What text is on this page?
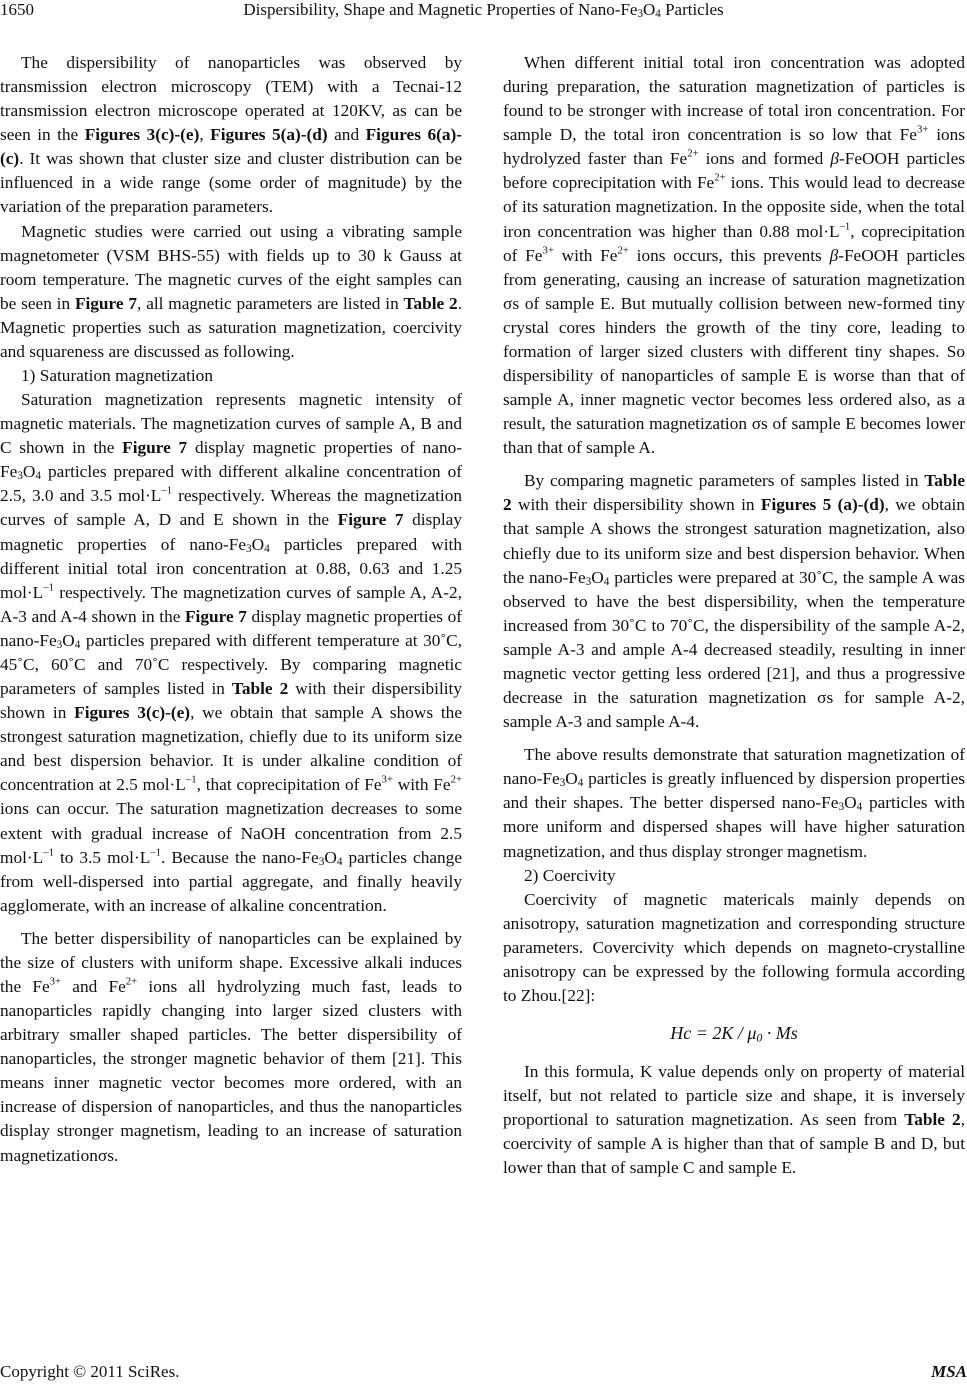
1650	Dispersibility, Shape and Magnetic Properties of Nano-$Fe_3O_4$ Particles

The dispersibility of nanoparticles was observed by transmission electron microscopy (TEM) with a Tecnai-12 transmission electron microscope operated at 120KV, as can be seen in the Figures 3(c)-(e), Figures 5(a)-(d) and Figures 6(a)-(c). It was shown that cluster size and cluster distribution can be influenced in a wide range (some order of magnitude) by the variation of the preparation parameters.

Magnetic studies were carried out using a vibrating sample magnetometer (VSM BHS-55) with fields up to 30 k Gauss at room temperature. The magnetic curves of the eight samples can be seen in Figure 7, all magnetic parameters are listed in Table 2. Magnetic properties such as saturation magnetization, coercivity and squareness are discussed as following.

1) Saturation magnetization

Saturation magnetization represents magnetic intensity of magnetic materials. The magnetization curves of sample A, B and C shown in the Figure 7 display magnetic properties of nano-$Fe_3O_4$ particles prepared with different alkaline concentration of 2.5, 3.0 and 3.5 $mol\cdot L^{-1}$ respectively. Whereas the magnetization curves of sample A, D and E shown in the Figure 7 display magnetic properties of nano-$Fe_3O_4$ particles prepared with different initial total iron concentration at 0.88, 0.63 and 1.25 $mol\cdot L^{-1}$ respectively. The magnetization curves of sample A, A-2, A-3 and A-4 shown in the Figure 7 display magnetic properties of nano-$Fe_3O_4$ particles prepared with different temperature at 30˚C, 45˚C, 60˚C and 70˚C respectively. By comparing magnetic parameters of samples listed in Table 2 with their dispersibility shown in Figures 3(c)-(e), we obtain that sample A shows the strongest saturation magnetization, chiefly due to its uniform size and best dispersion behavior. It is under alkaline condition of concentration at 2.5 $mol\cdot L^{-1}$, that coprecipitation of $Fe^{3+}$ with $Fe^{2+}$ ions can occur. The saturation magnetization decreases to some extent with gradual increase of NaOH concentration from 2.5 $mol\cdot L^{-1}$ to 3.5 $mol\cdot L^{-1}$. Because the nano-$Fe_3O_4$ particles change from well-dispersed into partial aggregate, and finally heavily agglomerate, with an increase of alkaline concentration.

The better dispersibility of nanoparticles can be explained by the size of clusters with uniform shape. Excessive alkali induces the $Fe^{3+}$ and $Fe^{2+}$ ions all hydrolyzing much fast, leads to nanoparticles rapidly changing into larger sized clusters with arbitrary smaller shaped particles. The better dispersibility of nanoparticles, the stronger magnetic behavior of them [21]. This means inner magnetic vector becomes more ordered, with an increase of dispersion of nanoparticles, and thus the nanoparticles display stronger magnetism, leading to an increase of saturation magnetizationσs.

When different initial total iron concentration was adopted during preparation, the saturation magnetization of particles is found to be stronger with increase of total iron concentration. For sample D, the total iron concentration is so low that $Fe^{3+}$ ions hydrolyzed faster than $Fe^{2+}$ ions and formed β-FeOOH particles before coprecipitation with $Fe^{2+}$ ions. This would lead to decrease of its saturation magnetization. In the opposite side, when the total iron concentration was higher than 0.88 $mol\cdot L^{-1}$, coprecipitation of $Fe^{3+}$ with $Fe^{2+}$ ions occurs, this prevents β-FeOOH particles from generating, causing an increase of saturation magnetization σs of sample E. But mutually collision between new-formed tiny crystal cores hinders the growth of the tiny core, leading to formation of larger sized clusters with different tiny shapes. So dispersibility of nanoparticles of sample E is worse than that of sample A, inner magnetic vector becomes less ordered also, as a result, the saturation magnetization σs of sample E becomes lower than that of sample A.

By comparing magnetic parameters of samples listed in Table 2 with their dispersibility shown in Figures 5 (a)-(d), we obtain that sample A shows the strongest saturation magnetization, also chiefly due to its uniform size and best dispersion behavior. When the nano-$Fe_3O_4$ particles were prepared at 30˚C, the sample A was observed to have the best dispersibility, when the temperature increased from 30˚C to 70˚C, the dispersibility of the sample A-2, sample A-3 and ample A-4 decreased steadily, resulting in inner magnetic vector getting less ordered [21], and thus a progressive decrease in the saturation magnetization σs for sample A-2, sample A-3 and sample A-4.

The above results demonstrate that saturation magnetization of nano-$Fe_3O_4$ particles is greatly influenced by dispersion properties and their shapes. The better dispersed nano-$Fe_3O_4$ particles with more uniform and dispersed shapes will have higher saturation magnetization, and thus display stronger magnetism.

2) Coercivity

Coercivity of magnetic matericals mainly depends on anisotropy, saturation magnetization and corresponding structure parameters. Covercivity which depends on magneto-crystalline anisotropy can be expressed by the following formula according to Zhou.[22]:

$Hc = 2K / \mu_0 \cdot Ms$

In this formula, K value depends only on property of material itself, but not related to particle size and shape, it is inversely proportional to saturation magnetization. As seen from Table 2, coercivity of sample A is higher than that of sample B and D, but lower than that of sample C and sample E.

Copyright © 2011 SciRes.	MSA
